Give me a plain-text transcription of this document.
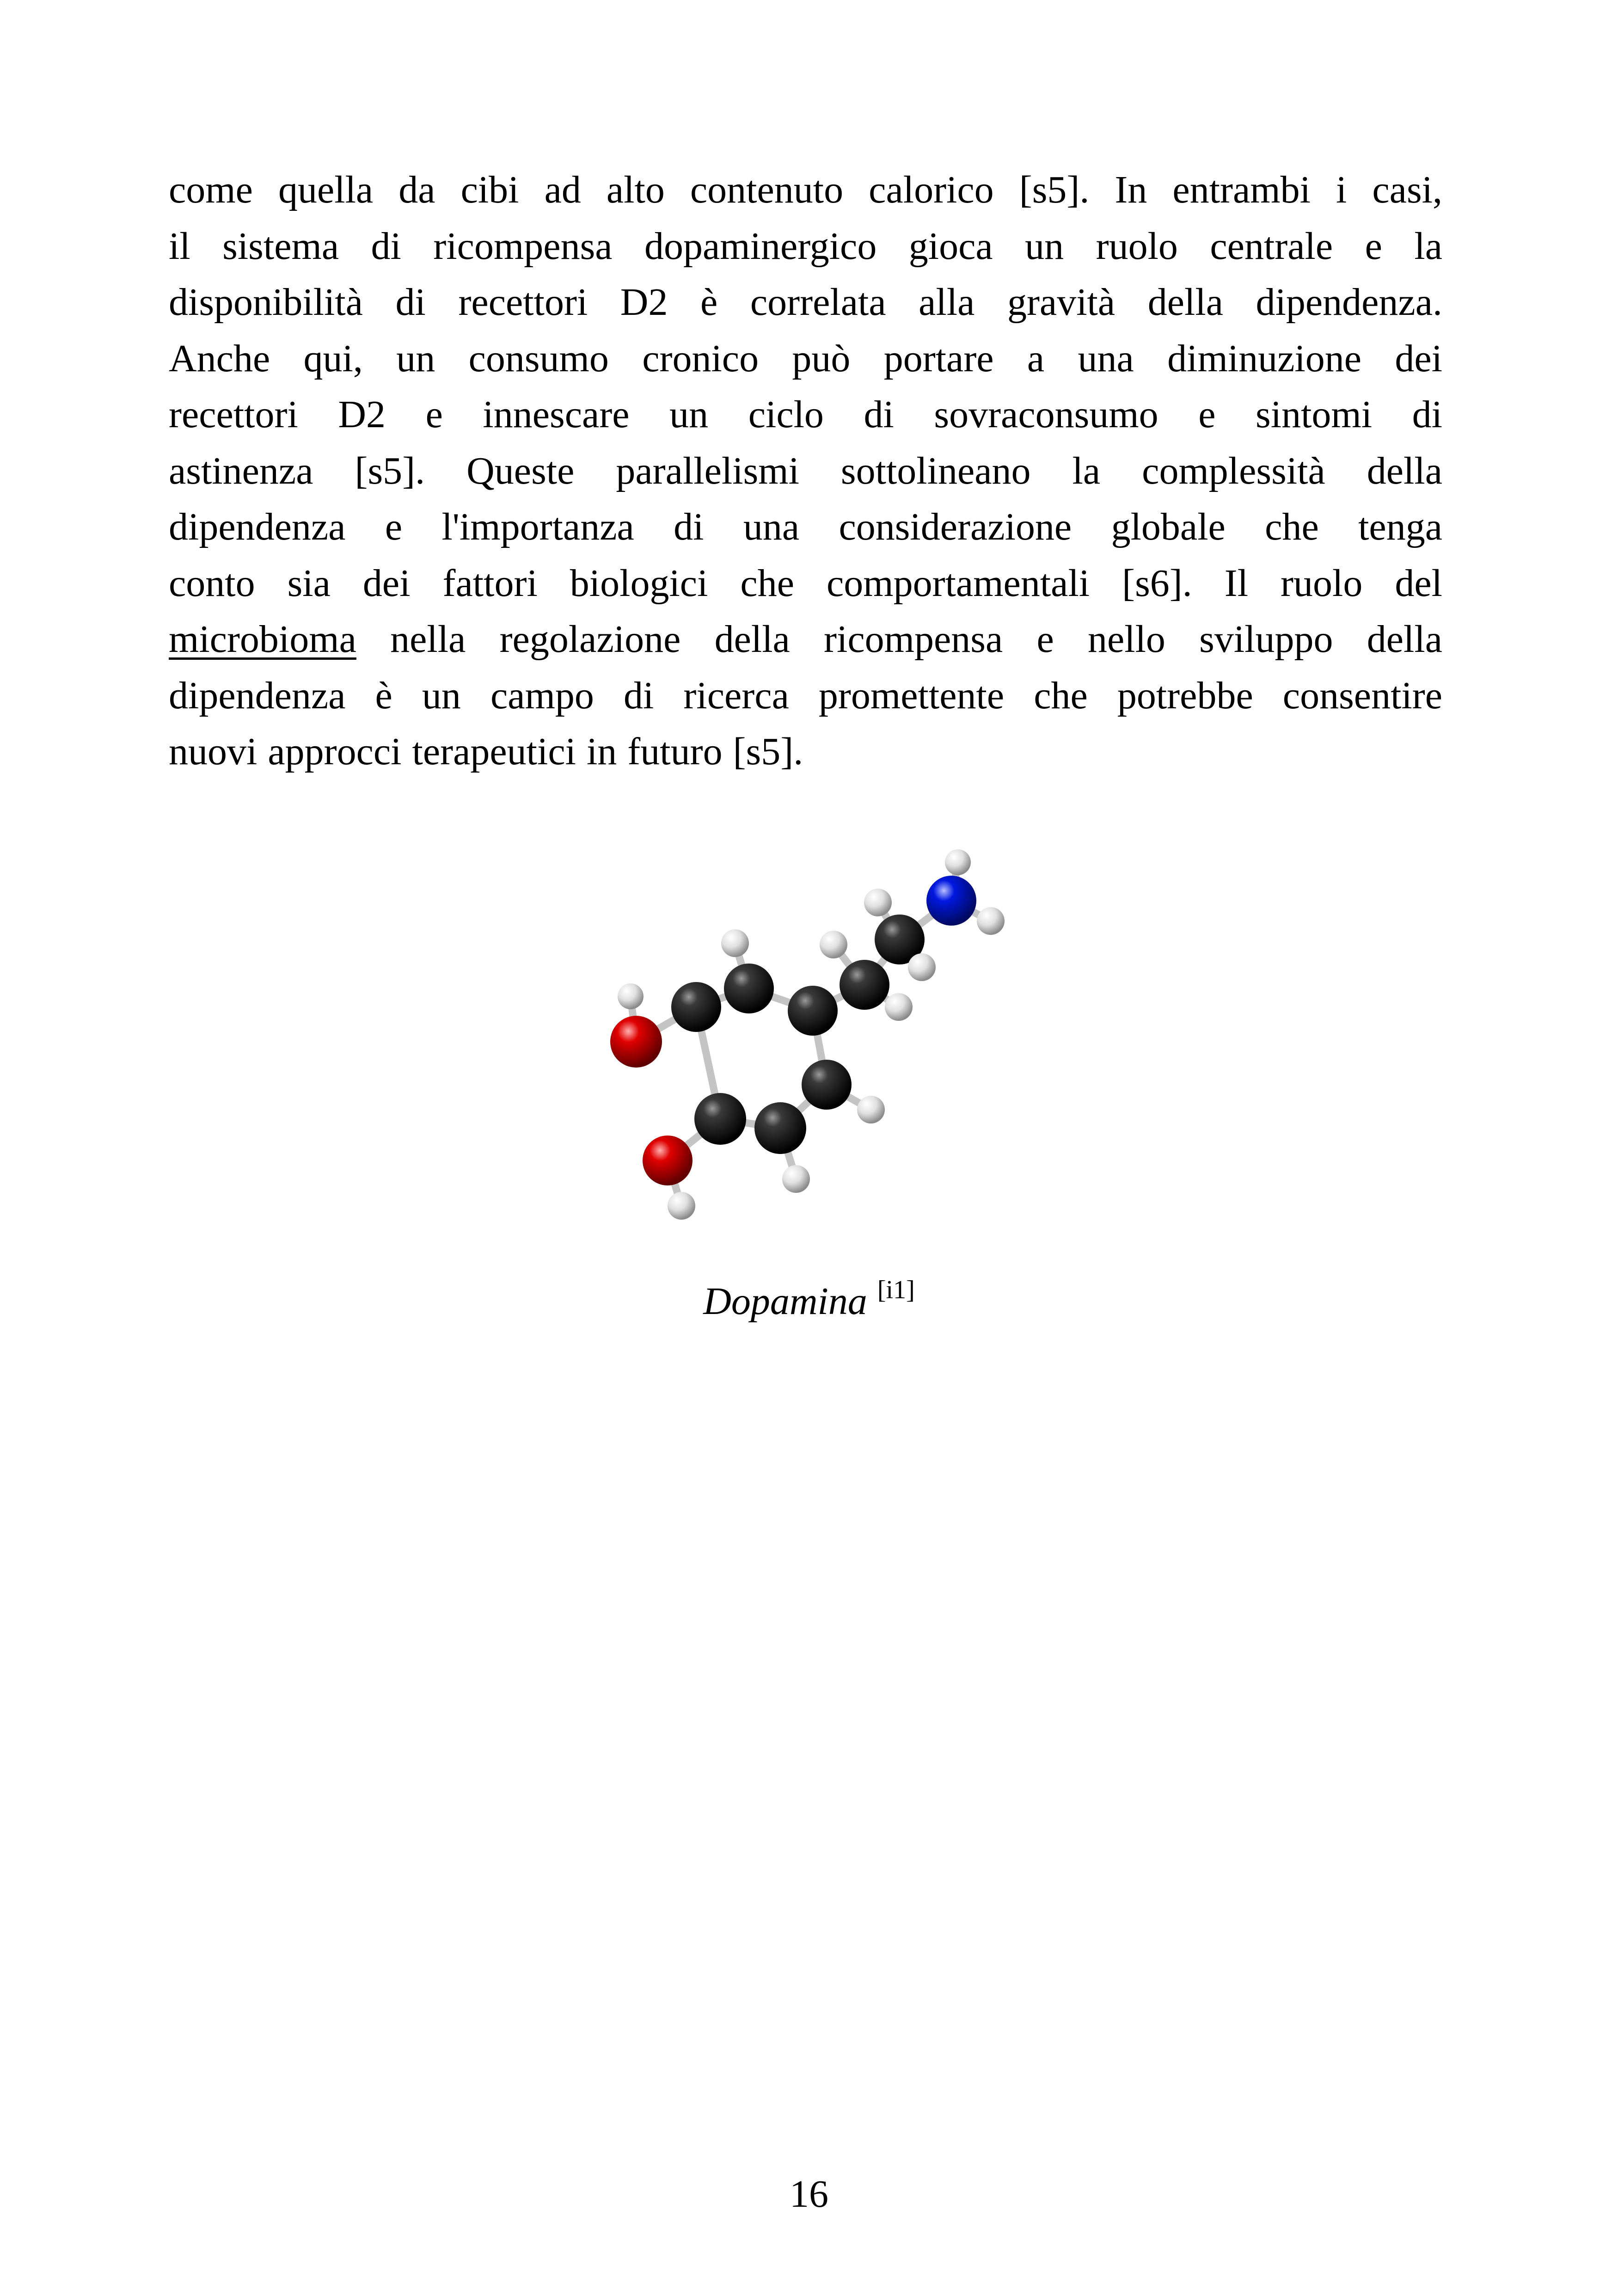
come quella da cibi ad alto contenuto calorico [s5]. In entrambi i casi,
il sistema di ricompensa dopaminergico gioca un ruolo centrale e la
disponibilità di recettori D2 è correlata alla gravità della dipendenza.
Anche qui, un consumo cronico può portare a una diminuzione dei
recettori D2 e innescare un ciclo di sovraconsumo e sintomi di
astinenza [s5]. Queste parallelismi sottolineano la complessità della
dipendenza e l'importanza di una considerazione globale che tenga
conto sia dei fattori biologici che comportamentali [s6]. Il ruolo del
microbioma nella regolazione della ricompensa e nello sviluppo della
dipendenza è un campo di ricerca promettente che potrebbe consentire
nuovi approcci terapeutici in futuro [s5].
Dopamina [i1]
16
